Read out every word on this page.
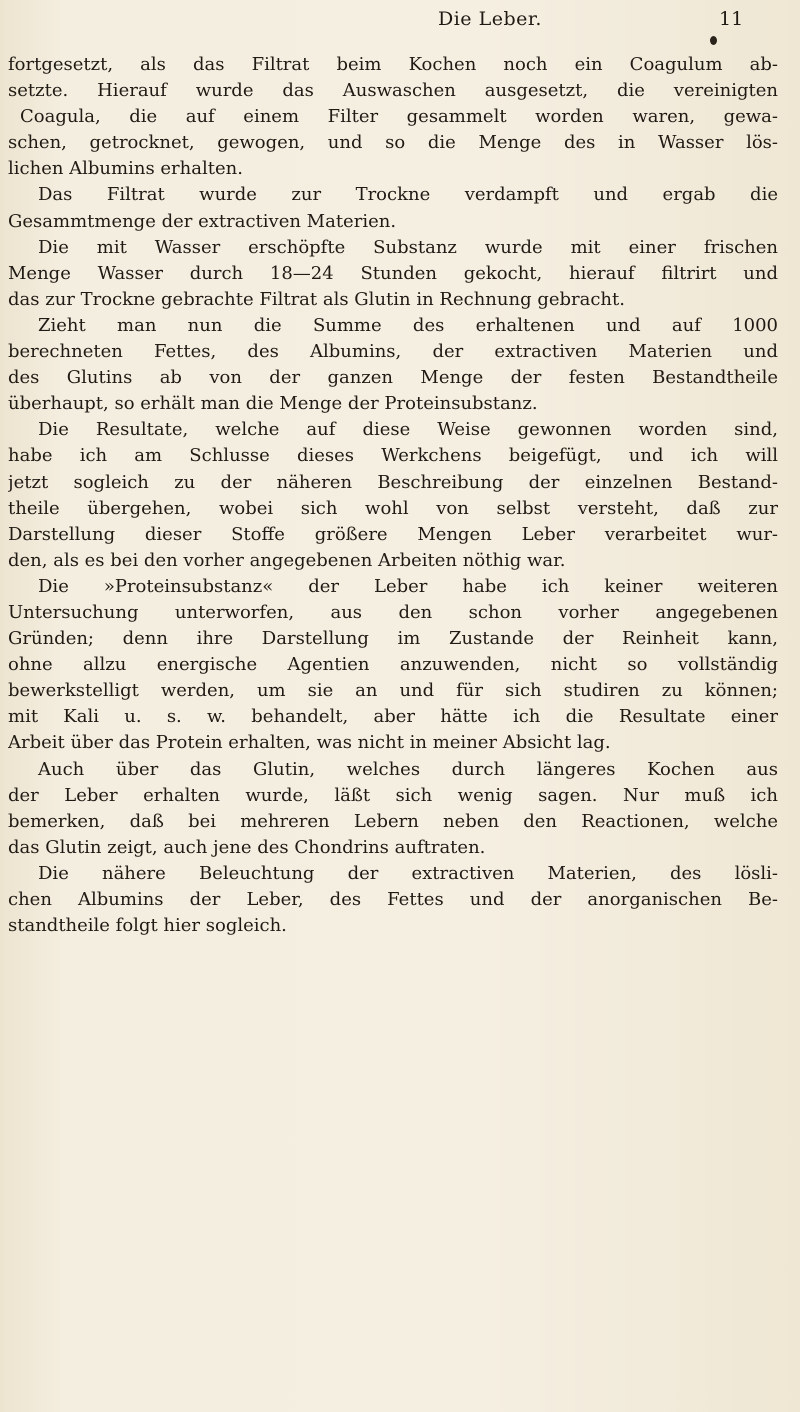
Die Leber.	11
fortgesetzt, als das Filtrat beim Kochen noch ein Coagulum ab-
setzte. Hierauf wurde das Auswaschen ausgesetzt, die vereinigten
Coagula, die auf einem Filter gesammelt worden waren, gewa-
schen, getrocknet, gewogen, und so die Menge des in Wasser lös-
lichen Albumins erhalten.
Das Filtrat wurde zur Trockne verdampft und ergab die
Gesammtmenge der extractiven Materien.
Die mit Wasser erschöpfte Substanz wurde mit einer frischen
Menge Wasser durch 18—24 Stunden gekocht, hierauf filtrirt und
das zur Trockne gebrachte Filtrat als Glutin in Rechnung gebracht.
Zieht man nun die Summe des erhaltenen und auf 1000
berechneten Fettes, des Albumins, der extractiven Materien und
des Glutins ab von der ganzen Menge der festen Bestandtheile
überhaupt, so erhält man die Menge der Proteinsubstanz.
Die Resultate, welche auf diese Weise gewonnen worden sind,
habe ich am Schlusse dieses Werkchens beigefügt, und ich will
jetzt sogleich zu der näheren Beschreibung der einzelnen Bestand-
theile übergehen, wobei sich wohl von selbst versteht, daß zur
Darstellung dieser Stoffe größere Mengen Leber verarbeitet wur-
den, als es bei den vorher angegebenen Arbeiten nöthig war.
Die »Proteinsubstanz« der Leber habe ich keiner weiteren
Untersuchung unterworfen, aus den schon vorher angegebenen
Gründen; denn ihre Darstellung im Zustande der Reinheit kann,
ohne allzu energische Agentien anzuwenden, nicht so vollständig
bewerkstelligt werden, um sie an und für sich studiren zu können;
mit Kali u. s. w. behandelt, aber hätte ich die Resultate einer
Arbeit über das Protein erhalten, was nicht in meiner Absicht lag.
Auch über das Glutin, welches durch längeres Kochen aus
der Leber erhalten wurde, läßt sich wenig sagen. Nur muß ich
bemerken, daß bei mehreren Lebern neben den Reactionen, welche
das Glutin zeigt, auch jene des Chondrins auftraten.
Die nähere Beleuchtung der extractiven Materien, des lösli-
chen Albumins der Leber, des Fettes und der anorganischen Be-
standtheile folgt hier sogleich.
